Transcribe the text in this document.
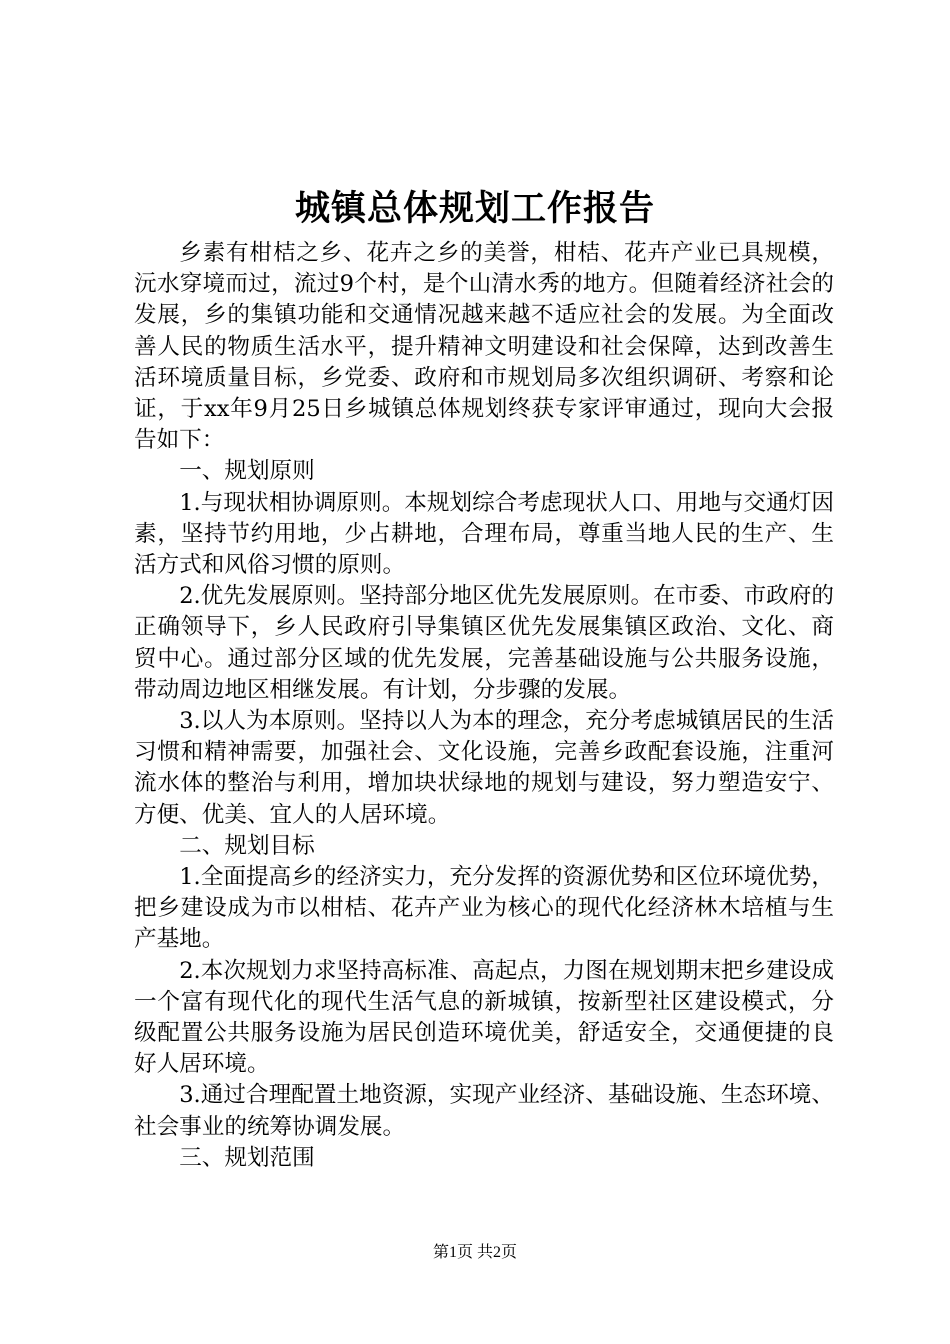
城镇总体规划工作报告

乡素有柑桔之乡、花卉之乡的美誉，柑桔、花卉产业已具规模，沅水穿境而过，流过9个村，是个山清水秀的地方。但随着经济社会的发展，乡的集镇功能和交通情况越来越不适应社会的发展。为全面改善人民的物质生活水平，提升精神文明建设和社会保障，达到改善生活环境质量目标，乡党委、政府和市规划局多次组织调研、考察和论证，于xx年9月25日乡城镇总体规划终获专家评审通过，现向大会报告如下：

一、规划原则

1.与现状相协调原则。本规划综合考虑现状人口、用地与交通灯因素，坚持节约用地，少占耕地，合理布局，尊重当地人民的生产、生活方式和风俗习惯的原则。

2.优先发展原则。坚持部分地区优先发展原则。在市委、市政府的正确领导下，乡人民政府引导集镇区优先发展集镇区政治、文化、商贸中心。通过部分区域的优先发展，完善基础设施与公共服务设施，带动周边地区相继发展。有计划，分步骤的发展。

3.以人为本原则。坚持以人为本的理念，充分考虑城镇居民的生活习惯和精神需要，加强社会、文化设施，完善乡政配套设施，注重河流水体的整治与利用，增加块状绿地的规划与建设，努力塑造安宁、方便、优美、宜人的人居环境。

二、规划目标

1.全面提高乡的经济实力，充分发挥的资源优势和区位环境优势，把乡建设成为市以柑桔、花卉产业为核心的现代化经济林木培植与生产基地。

2.本次规划力求坚持高标准、高起点，力图在规划期末把乡建设成一个富有现代化的现代生活气息的新城镇，按新型社区建设模式，分级配置公共服务设施为居民创造环境优美，舒适安全，交通便捷的良好人居环境。

3.通过合理配置土地资源，实现产业经济、基础设施、生态环境、社会事业的统筹协调发展。

三、规划范围

第1页 共2页
